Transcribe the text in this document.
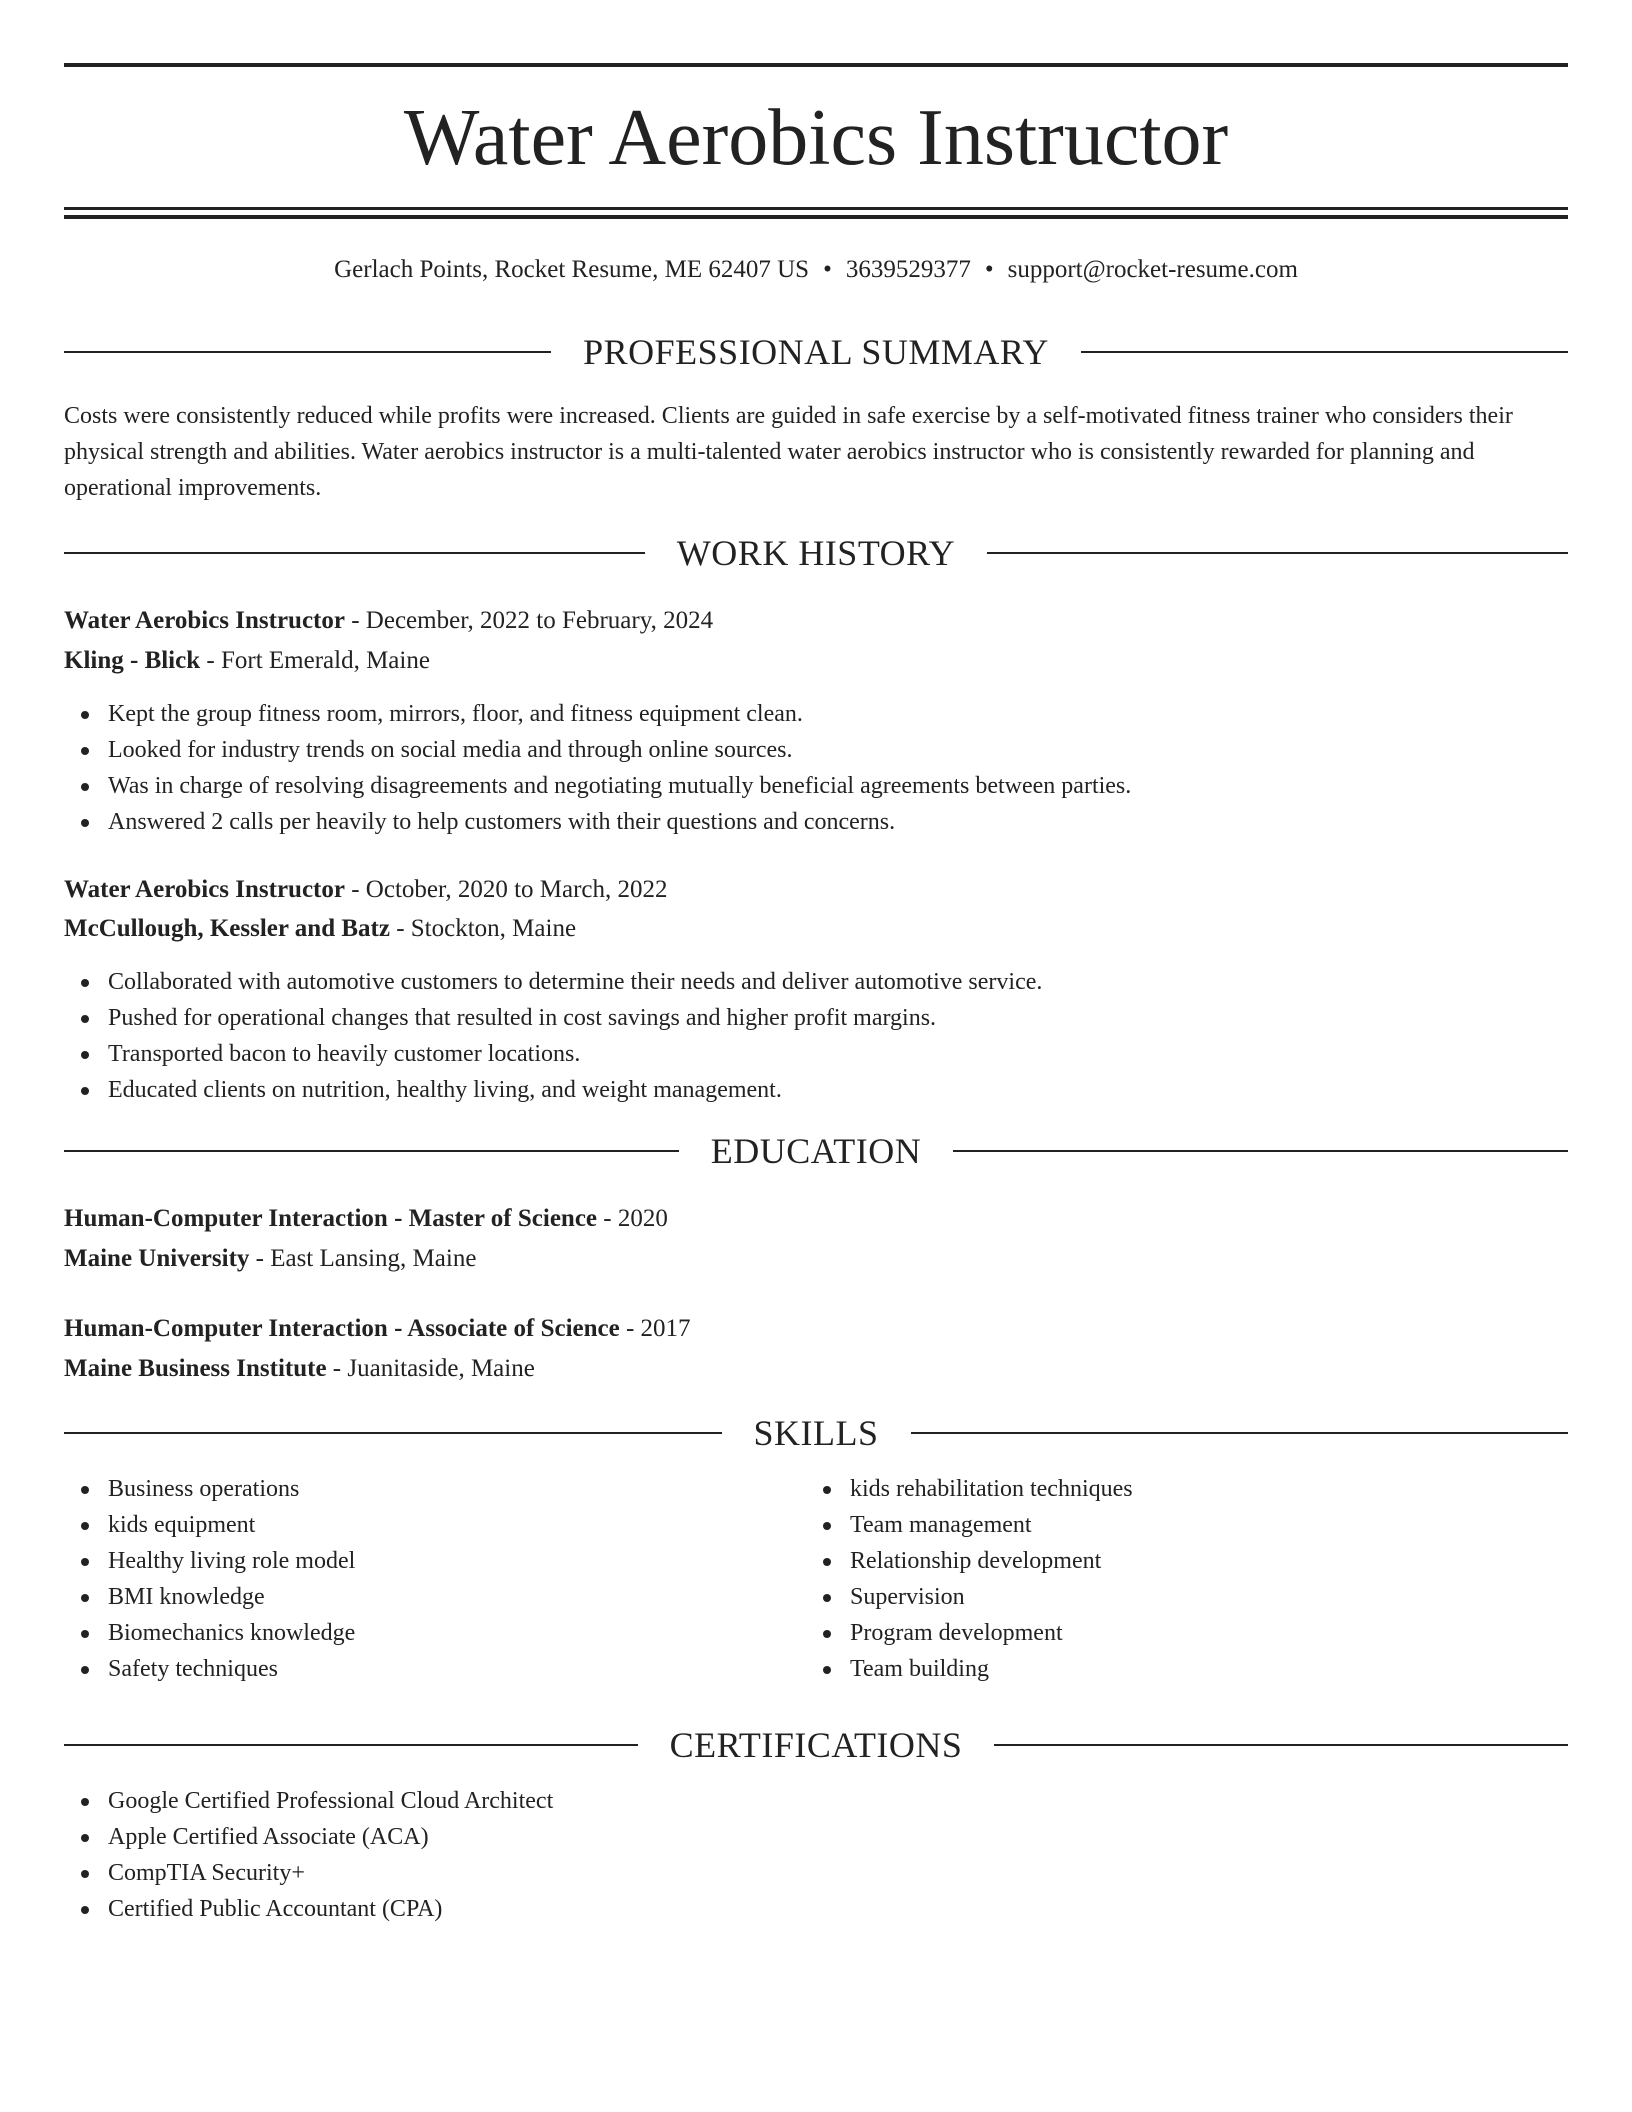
Water Aerobics Instructor
Gerlach Points, Rocket Resume, ME 62407 US • 3639529377 • support@rocket-resume.com
PROFESSIONAL SUMMARY
Costs were consistently reduced while profits were increased. Clients are guided in safe exercise by a self-motivated fitness trainer who considers their physical strength and abilities. Water aerobics instructor is a multi-talented water aerobics instructor who is consistently rewarded for planning and operational improvements.
WORK HISTORY
Water Aerobics Instructor - December, 2022 to February, 2024
Kling - Blick - Fort Emerald, Maine
Kept the group fitness room, mirrors, floor, and fitness equipment clean.
Looked for industry trends on social media and through online sources.
Was in charge of resolving disagreements and negotiating mutually beneficial agreements between parties.
Answered 2 calls per heavily to help customers with their questions and concerns.
Water Aerobics Instructor - October, 2020 to March, 2022
McCullough, Kessler and Batz - Stockton, Maine
Collaborated with automotive customers to determine their needs and deliver automotive service.
Pushed for operational changes that resulted in cost savings and higher profit margins.
Transported bacon to heavily customer locations.
Educated clients on nutrition, healthy living, and weight management.
EDUCATION
Human-Computer Interaction - Master of Science - 2020
Maine University - East Lansing, Maine
Human-Computer Interaction - Associate of Science - 2017
Maine Business Institute - Juanitaside, Maine
SKILLS
Business operations
kids equipment
Healthy living role model
BMI knowledge
Biomechanics knowledge
Safety techniques
kids rehabilitation techniques
Team management
Relationship development
Supervision
Program development
Team building
CERTIFICATIONS
Google Certified Professional Cloud Architect
Apple Certified Associate (ACA)
CompTIA Security+
Certified Public Accountant (CPA)
